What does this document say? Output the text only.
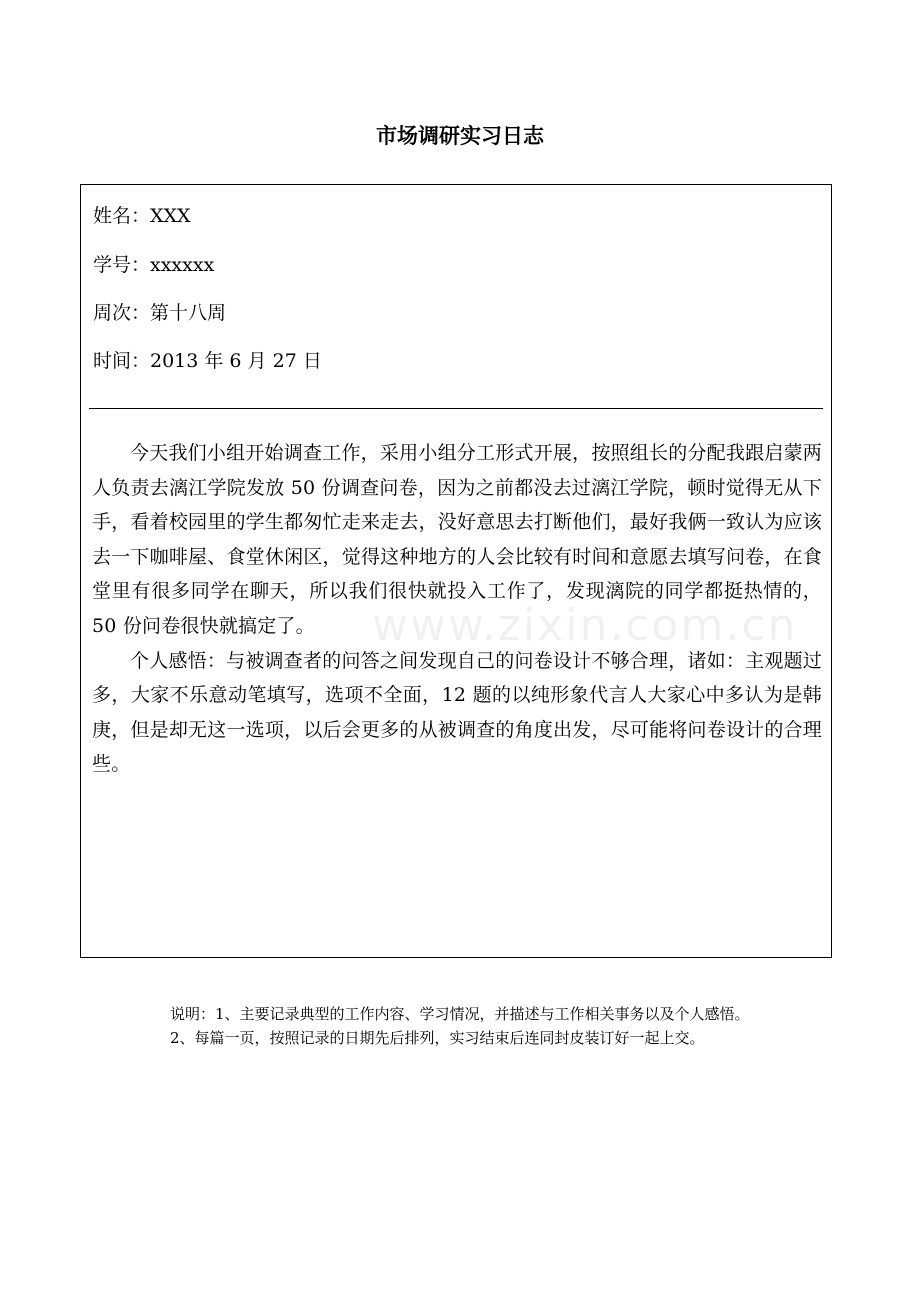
市场调研实习日志
姓名：XXX
学号：xxxxxx
周次：第十八周
时间：2013 年 6 月 27 日

今天我们小组开始调查工作，采用小组分工形式开展，按照组长的分配我跟启蒙两人负责去漓江学院发放 50 份调查问卷，因为之前都没去过漓江学院，顿时觉得无从下手，看着校园里的学生都匆忙走来走去，没好意思去打断他们，最好我俩一致认为应该去一下咖啡屋、食堂休闲区，觉得这种地方的人会比较有时间和意愿去填写问卷，在食堂里有很多同学在聊天，所以我们很快就投入工作了，发现漓院的同学都挺热情的，50 份问卷很快就搞定了。

个人感悟：与被调查者的问答之间发现自己的问卷设计不够合理，诸如：主观题过多，大家不乐意动笔填写，选项不全面，12 题的以纯形象代言人大家心中多认为是韩庚，但是却无这一选项，以后会更多的从被调查的角度出发，尽可能将问卷设计的合理些。

www.zixin.com.cn

说明：1、主要记录典型的工作内容、学习情况，并描述与工作相关事务以及个人感悟。

2、每篇一页，按照记录的日期先后排列，实习结束后连同封皮装订好一起上交。
